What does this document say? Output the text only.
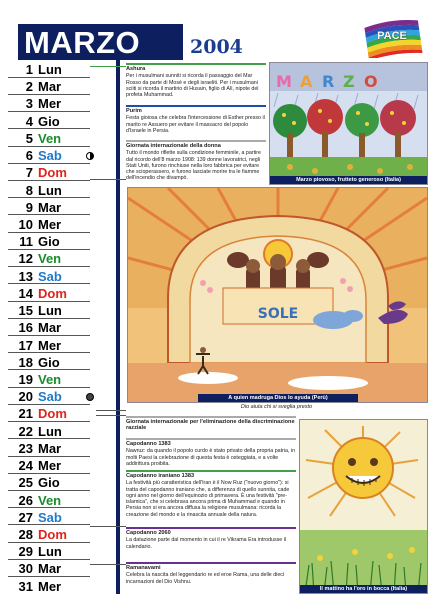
MARZO	2004	PACE
1 Lun
2 Mar
3 Mer
4 Gio
5 Ven
6 Sab
7 Dom
8 Lun
9 Mar
10 Mer
11 Gio
12 Ven
13 Sab
14 Dom
15 Lun
16 Mar
17 Mer
18 Gio
19 Ven
20 Sab
21 Dom
22 Lun
23 Mar
24 Mer
25 Gio
26 Ven
27 Sab
28 Dom
29 Lun
30 Mar
31 Mer
Ashura
Per i musulmani sunniti si ricorda il passaggio del Mar Rosso da parte di Mosè e degli israeliti. Per i musulmani sciiti si ricorda il martirio di Husain, figlio di Alì, nipote del profeta Muhammad.
Purim
Festa gioiosa che celebra l'intercessione di Esther presso il marito re Assuero per evitare il massacro del popolo d'Israele in Persia.
Giornata internazionale della donna
Tutto il mondo riflette sulla condizione femminile, a partire dal ricordo dell'8 marzo 1908: 139 donne lavoratrici, negli Stati Uniti, furono rinchiuse nella loro fabbrica per evitare che scioperassero, e furono lasciate morire tra le fiamme dell'incendio che divampò.
Giornata internazionale per l'eliminazione della discriminazione razziale
Capodanno 1383
Nawruz: da quando il popolo curdo è stato privato della propria patria, in molti Paesi la celebrazione di questa festa è osteggiata, e a volte addirittura proibita.
Capodanno iraniano 1383
La festività più caratteristica dell'Iran è il Now Ruz ("nuovo giorno"): si tratta del capodanno iraniano che, a differenza di quello sunnita, cade ogni anno nel giorno dell'equinozio di primavera. È una festività "pre-islamica", che si celebrava ancora prima di Muhammad e quando in Persia non si era ancora diffusa la religione musulmana: ricorda la creazione del mondo e la rinascita annuale della natura.
Capodanno 2060
La datazione parte dal momento in cui il re Vikrama Era introdusse il calendario.
Ramanavami
Celebra la nascita del leggendario re ed eroe Rama, una delle dieci incarnazioni del Dio Vishnu.
M A R Z O
Marzo piovoso, frutteto generoso (Italia)
SOLE
A quien madruga Dios lo ayuda (Perù)
Dio aiuta chi si sveglia presto
Il mattino ha l'oro in bocca (Italia)
